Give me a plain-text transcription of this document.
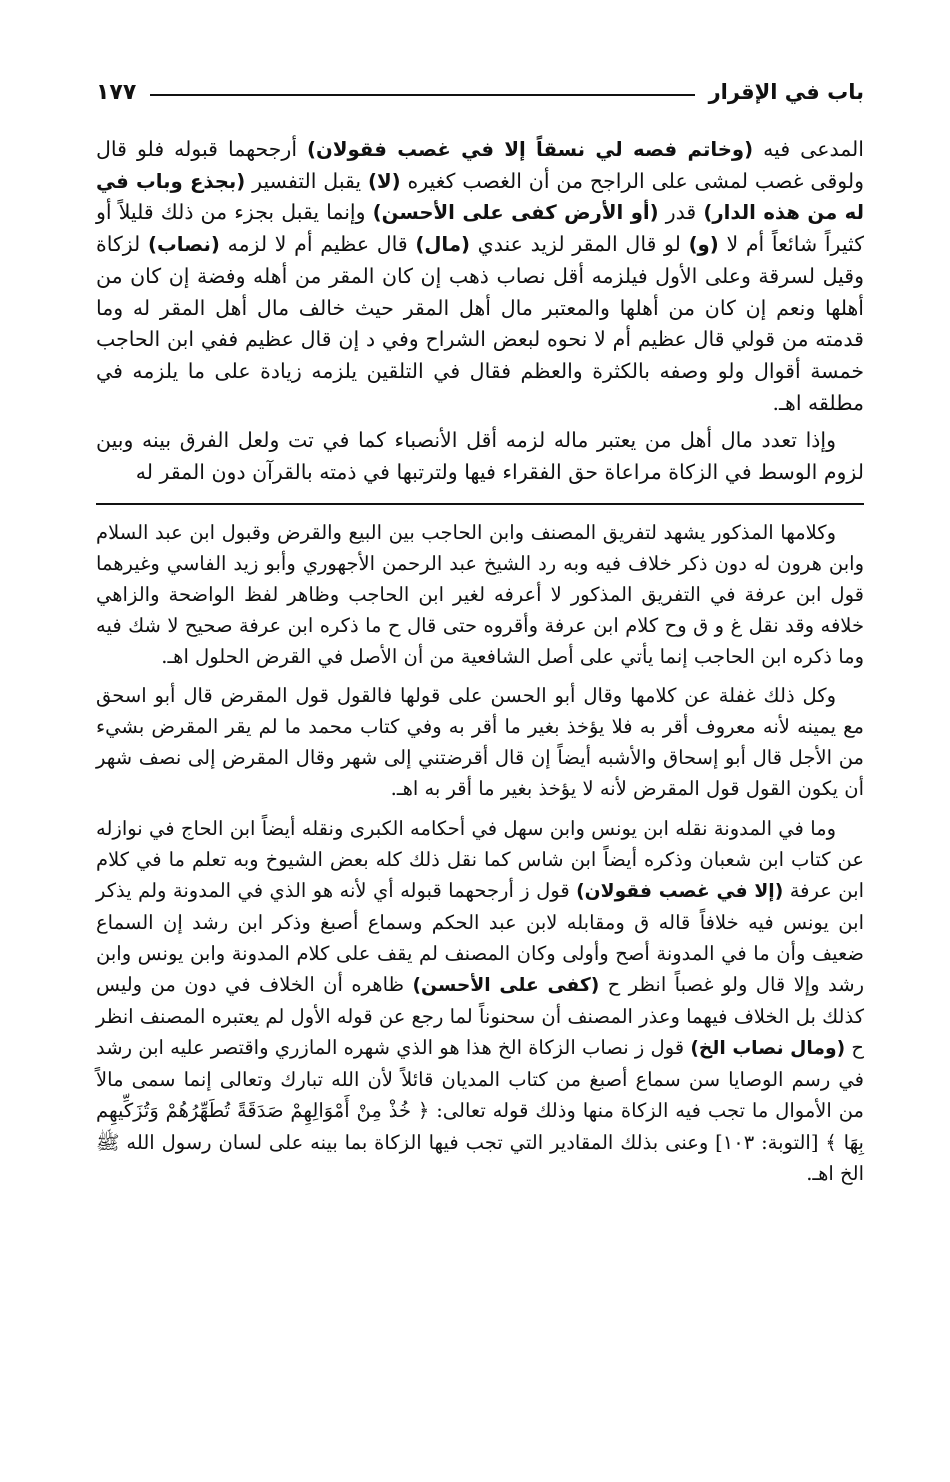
باب في الإقرار
١٧٧

المدعى فيه (وخاتم فصه لي نسقاً إلا في غصب فقولان) أرجحهما قبوله فلو قال ولوقى غصب لمشى على الراجح من أن الغصب كغيره (لا) يقبل التفسير (بجذع وباب في له من هذه الدار) قدر (أو الأرض كفى على الأحسن) وإنما يقبل بجزء من ذلك قليلاً أو كثيراً شائعاً أم لا (و) لو قال المقر لزيد عندي (مال) قال عظيم أم لا لزمه (نصاب) لزكاة وقيل لسرقة وعلى الأول فيلزمه أقل نصاب ذهب إن كان المقر من أهله وفضة إن كان من أهلها ونعم إن كان من أهلها والمعتبر مال أهل المقر حيث خالف مال أهل المقر له وما قدمته من قولي قال عظيم أم لا نحوه لبعض الشراح وفي د إن قال عظيم ففي ابن الحاجب خمسة أقوال ولو وصفه بالكثرة والعظم فقال في التلقين يلزمه زيادة على ما يلزمه في مطلقه اهـ.

وإذا تعدد مال أهل من يعتبر ماله لزمه أقل الأنصباء كما في تت ولعل الفرق بينه وبين لزوم الوسط في الزكاة مراعاة حق الفقراء فيها ولترتبها في ذمته بالقرآن دون المقر له

وكلامها المذكور يشهد لتفريق المصنف وابن الحاجب بين البيع والقرض وقبول ابن عبد السلام وابن هرون له دون ذكر خلاف فيه وبه رد الشيخ عبد الرحمن الأجهوري وأبو زيد الفاسي وغيرهما قول ابن عرفة في التفريق المذكور لا أعرفه لغير ابن الحاجب وظاهر لفظ الواضحة والزاهي خلافه وقد نقل غ و ق وح كلام ابن عرفة وأقروه حتى قال ح ما ذكره ابن عرفة صحيح لا شك فيه وما ذكره ابن الحاجب إنما يأتي على أصل الشافعية من أن الأصل في القرض الحلول اهـ.

وكل ذلك غفلة عن كلامها وقال أبو الحسن على قولها فالقول قول المقرض قال أبو اسحق مع يمينه لأنه معروف أقر به فلا يؤخذ بغير ما أقر به وفي كتاب محمد ما لم يقر المقرض بشيء من الأجل قال أبو إسحاق والأشبه أيضاً إن قال أقرضتني إلى شهر وقال المقرض إلى نصف شهر أن يكون القول قول المقرض لأنه لا يؤخذ بغير ما أقر به اهـ.

وما في المدونة نقله ابن يونس وابن سهل في أحكامه الكبرى ونقله أيضاً ابن الحاج في نوازله عن كتاب ابن شعبان وذكره أيضاً ابن شاس كما نقل ذلك كله بعض الشيوخ وبه تعلم ما في كلام ابن عرفة (إلا في غصب فقولان) قول ز أرجحهما قبوله أي لأنه هو الذي في المدونة ولم يذكر ابن يونس فيه خلافاً قاله ق ومقابله لابن عبد الحكم وسماع أصبغ وذكر ابن رشد إن السماع ضعيف وأن ما في المدونة أصح وأولى وكان المصنف لم يقف على كلام المدونة وابن يونس وابن رشد وإلا قال ولو غصباً انظر ح (كفى على الأحسن) ظاهره أن الخلاف في دون من وليس كذلك بل الخلاف فيهما وعذر المصنف أن سحنوناً لما رجع عن قوله الأول لم يعتبره المصنف انظر ح (ومال نصاب الخ) قول ز نصاب الزكاة الخ هذا هو الذي شهره المازري واقتصر عليه ابن رشد في رسم الوصايا سن سماع أصبغ من كتاب المديان قائلاً لأن الله تبارك وتعالى إنما سمى مالاً من الأموال ما تجب فيه الزكاة منها وذلك قوله تعالى: ﴿ خُذْ مِنْ أَمْوَالِهِمْ صَدَقَةً تُطَهِّرُهُمْ وَتُزَكِّيهِم بِهَا ﴾ [التوبة: ١٠٣] وعنى بذلك المقادير التي تجب فيها الزكاة بما بينه على لسان رسول الله ﷺ الخ اهـ.
